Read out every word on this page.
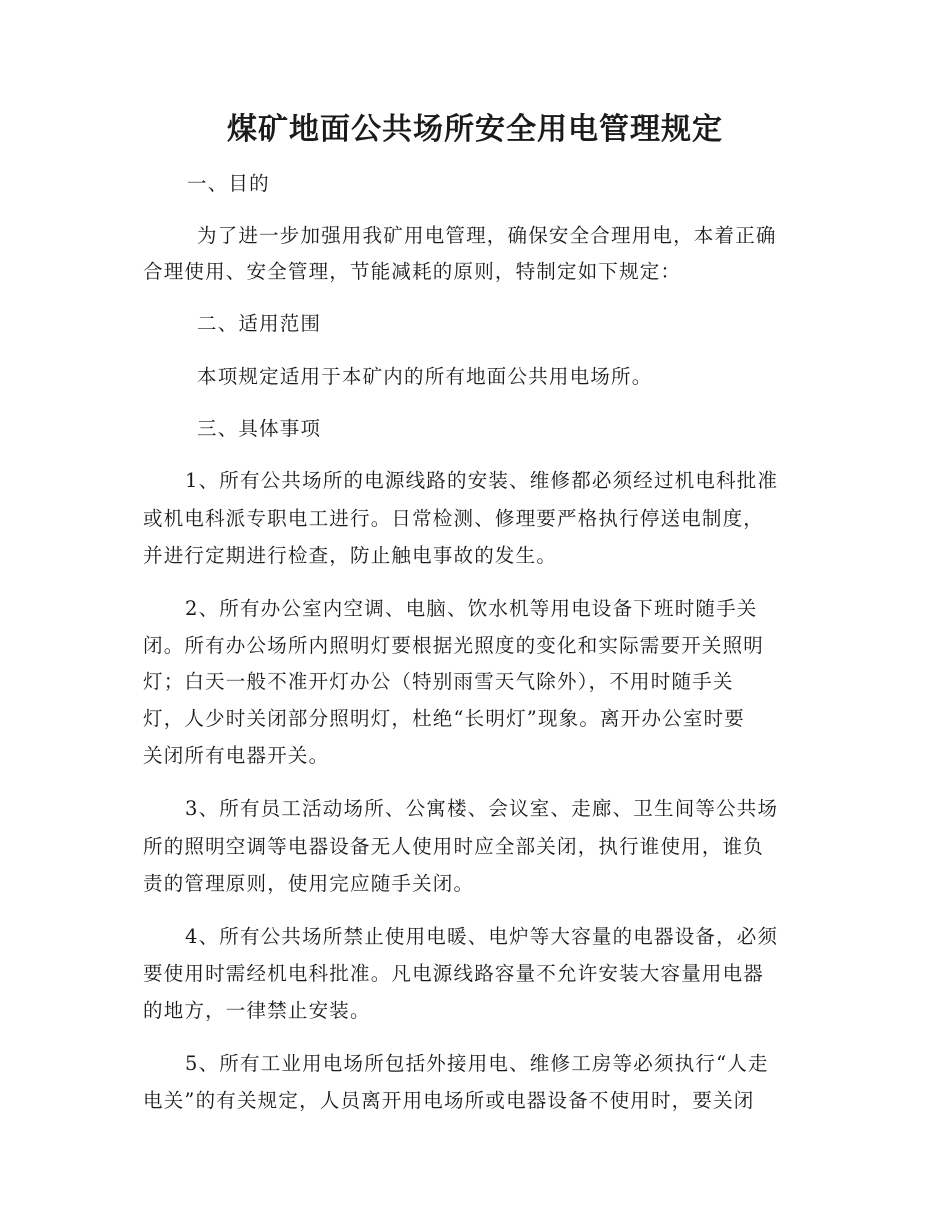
煤矿地面公共场所安全用电管理规定

一、目的

为了进一步加强用我矿用电管理，确保安全合理用电，本着正确

合理使用、安全管理，节能减耗的原则，特制定如下规定：

二、适用范围

本项规定适用于本矿内的所有地面公共用电场所。

三、具体事项

1、所有公共场所的电源线路的安装、维修都必须经过机电科批准

或机电科派专职电工进行。日常检测、修理要严格执行停送电制度，

并进行定期进行检查，防止触电事故的发生。

2、所有办公室内空调、电脑、饮水机等用电设备下班时随手关

闭。所有办公场所内照明灯要根据光照度的变化和实际需要开关照明

灯；白天一般不准开灯办公（特别雨雪天气除外），不用时随手关

灯，人少时关闭部分照明灯，杜绝“长明灯”现象。离开办公室时要

关闭所有电器开关。

3、所有员工活动场所、公寓楼、会议室、走廊、卫生间等公共场

所的照明空调等电器设备无人使用时应全部关闭，执行谁使用，谁负

责的管理原则，使用完应随手关闭。

4、所有公共场所禁止使用电暖、电炉等大容量的电器设备，必须

要使用时需经机电科批准。凡电源线路容量不允许安装大容量用电器

的地方，一律禁止安装。

5、所有工业用电场所包括外接用电、维修工房等必须执行“人走

电关”的有关规定，人员离开用电场所或电器设备不使用时，要关闭
